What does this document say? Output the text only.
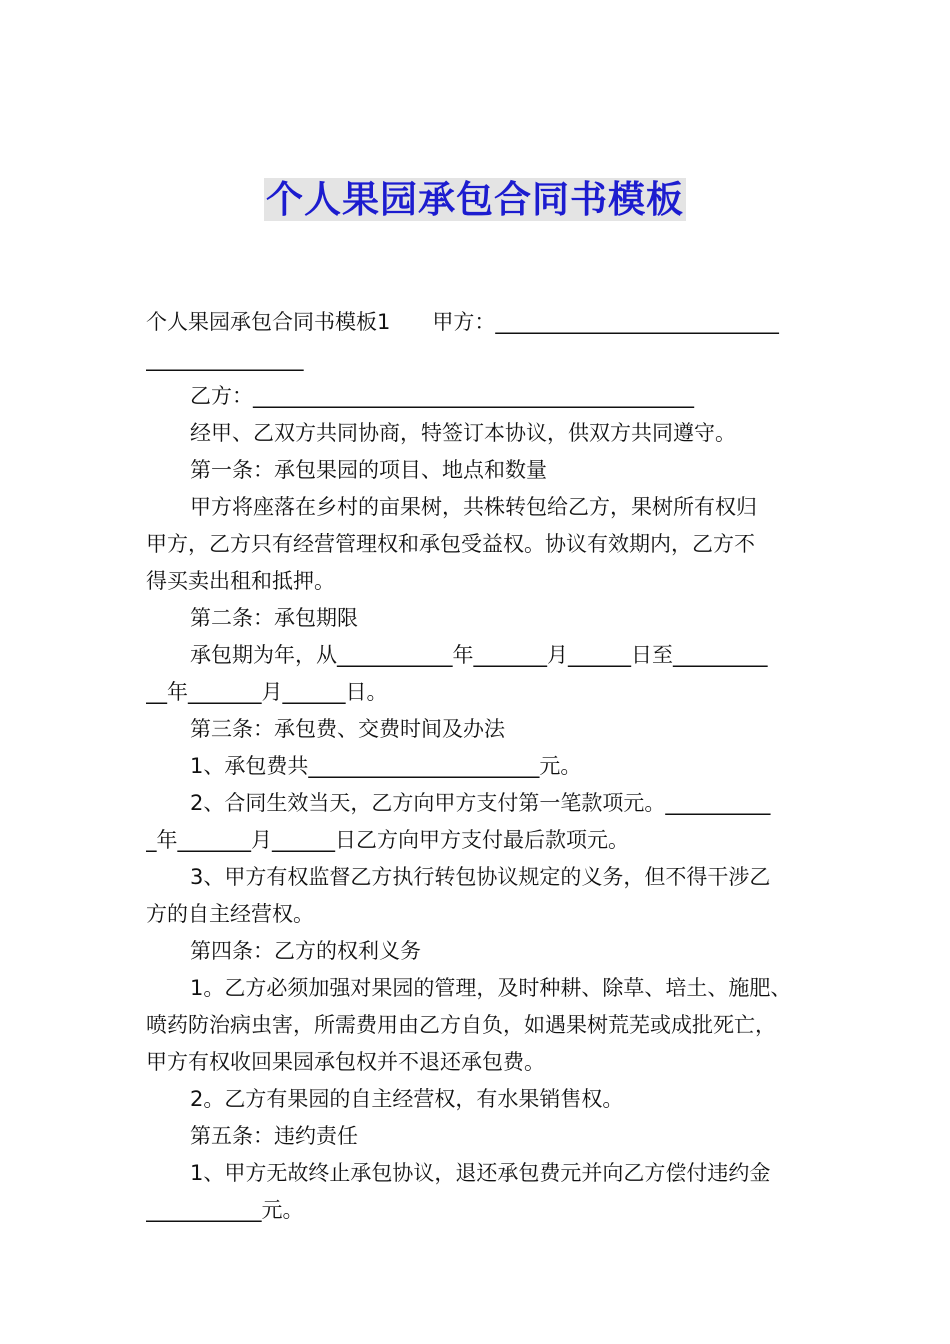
个人果园承包合同书模板
个人果园承包合同书模板1　　甲方：___________________________
_______________
乙方：__________________________________________
经甲、乙双方共同协商，特签订本协议，供双方共同遵守。
第一条：承包果园的项目、地点和数量
甲方将座落在乡村的亩果树，共株转包给乙方，果树所有权归
甲方，乙方只有经营管理权和承包受益权。协议有效期内，乙方不
得买卖出租和抵押。
第二条：承包期限
承包期为年，从___________年_______月______日至_________
__年_______月______日。
第三条：承包费、交费时间及办法
1、承包费共______________________元。
2、合同生效当天，乙方向甲方支付第一笔款项元。__________
_年_______月______日乙方向甲方支付最后款项元。
3、甲方有权监督乙方执行转包协议规定的义务，但不得干涉乙
方的自主经营权。
第四条：乙方的权利义务
1。乙方必须加强对果园的管理，及时种耕、除草、培土、施肥、
喷药防治病虫害，所需费用由乙方自负，如遇果树荒芜或成批死亡，
甲方有权收回果园承包权并不退还承包费。
2。乙方有果园的自主经营权，有水果销售权。
第五条：违约责任
1、甲方无故终止承包协议，退还承包费元并向乙方偿付违约金
___________元。
